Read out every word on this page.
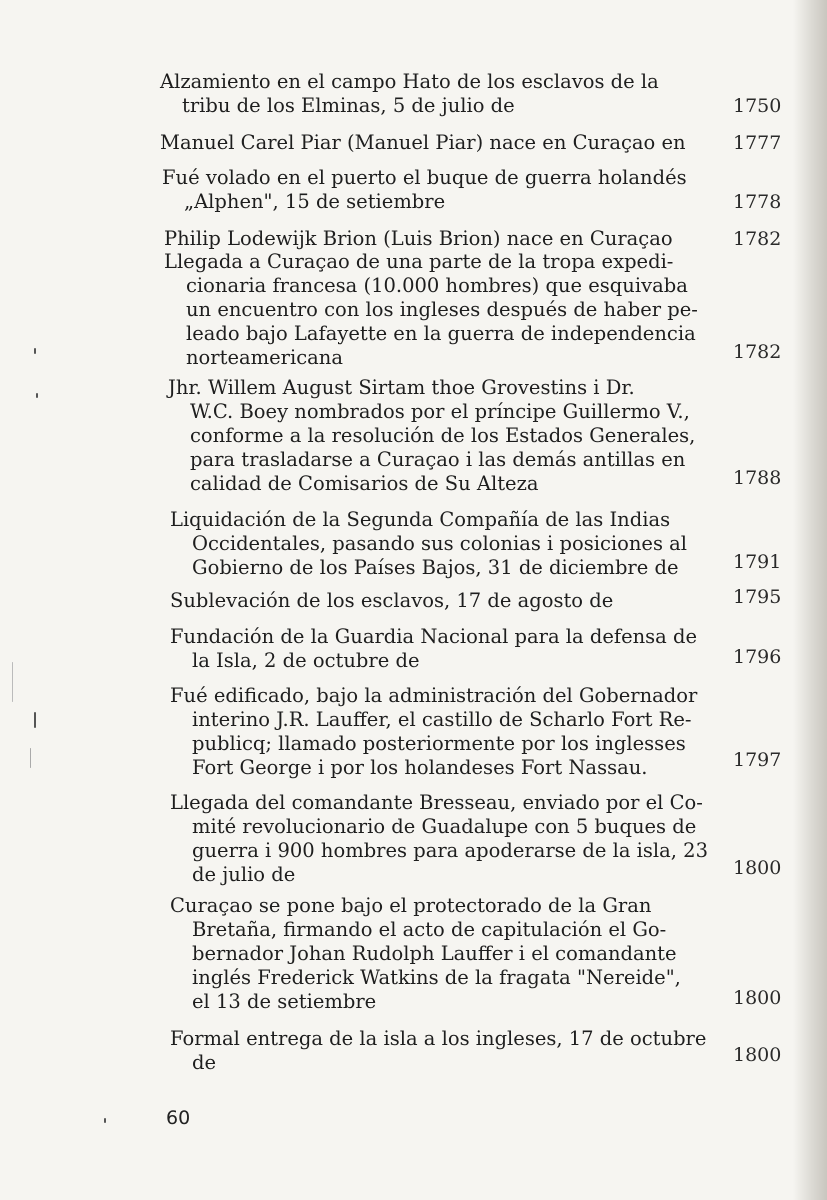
Alzamiento en el campo Hato de los esclavos de la
tribu de los Elminas, 5 de julio de	1750
Manuel Carel Piar (Manuel Piar) nace en Curaçao en	1777
Fué volado en el puerto el buque de guerra holandés
„Alphen", 15 de setiembre	1778
Philip Lodewijk Brion (Luis Brion) nace en Curaçao	1782
Llegada a Curaçao de una parte de la tropa expedi-
cionaria francesa (10.000 hombres) que esquivaba
un encuentro con los ingleses después de haber pe-
leado bajo Lafayette en la guerra de independencia
norteamericana	1782
Jhr. Willem August Sirtam thoe Grovestins i Dr.
W.C. Boey nombrados por el príncipe Guillermo V.,
conforme a la resolución de los Estados Generales,
para trasladarse a Curaçao i las demás antillas en
calidad de Comisarios de Su Alteza	1788
Liquidación de la Segunda Compañía de las Indias
Occidentales, pasando sus colonias i posiciones al
Gobierno de los Países Bajos, 31 de diciembre de	1791
Sublevación de los esclavos, 17 de agosto de	1795
Fundación de la Guardia Nacional para la defensa de
la Isla, 2 de octubre de	1796
Fué edificado, bajo la administración del Gobernador
interino J.R. Lauffer, el castillo de Scharlo Fort Re-
publicq; llamado posteriormente por los inglesses
Fort George i por los holandeses Fort Nassau.	1797
Llegada del comandante Bresseau, enviado por el Co-
mité revolucionario de Guadalupe con 5 buques de
guerra i 900 hombres para apoderarse de la isla, 23
de julio de	1800
Curaçao se pone bajo el protectorado de la Gran
Bretaña, firmando el acto de capitulación el Go-
bernador Johan Rudolph Lauffer i el comandante
inglés Frederick Watkins de la fragata "Nereide",
el 13 de setiembre	1800
Formal entrega de la isla a los ingleses, 17 de octubre
de	1800
60
